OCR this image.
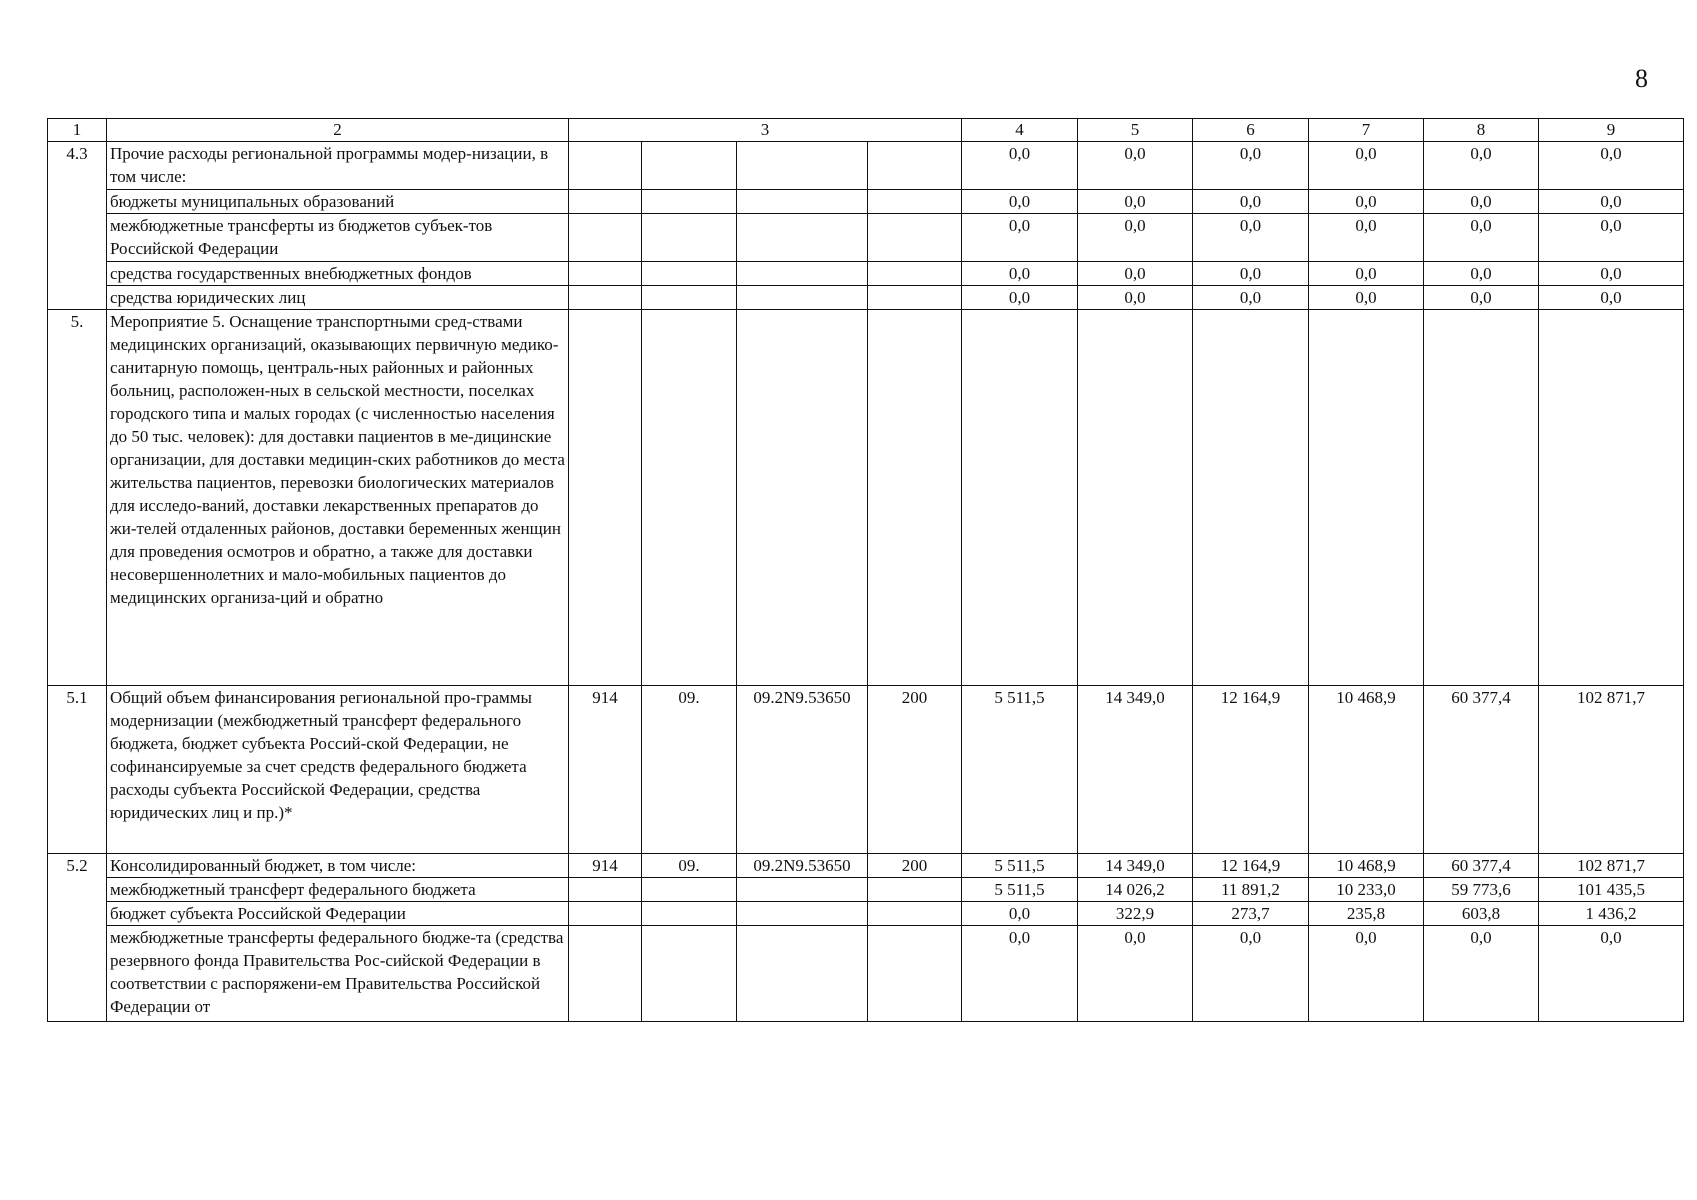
8
1	2	3				4	5	6	7	8	9
4.3	Прочие расходы региональной программы модер-низации, в том числе:					0,0	0,0	0,0	0,0	0,0	0,0
	бюджеты муниципальных образований					0,0	0,0	0,0	0,0	0,0	0,0
	межбюджетные трансферты из бюджетов субъек-тов Российской Федерации					0,0	0,0	0,0	0,0	0,0	0,0
	средства государственных внебюджетных фондов					0,0	0,0	0,0	0,0	0,0	0,0
	средства юридических лиц					0,0	0,0	0,0	0,0	0,0	0,0
5.	Мероприятие 5. Оснащение транспортными сред-ствами медицинских организаций, оказывающих первичную медико-санитарную помощь, централь-ных районных и районных больниц, расположен-ных в сельской местности, поселках городского типа и малых городах (с численностью населения до 50 тыс. человек): для доставки пациентов в ме-дицинские организации, для доставки медицин-ских работников до места жительства пациентов, перевозки биологических материалов для исследо-ваний, доставки лекарственных препаратов до жи-телей отдаленных районов, доставки беременных женщин для проведения осмотров и обратно, а также для доставки несовершеннолетних и мало-мобильных пациентов до медицинских организа-ций и обратно										
5.1	Общий объем финансирования региональной про-граммы модернизации (межбюджетный трансферт федерального бюджета, бюджет субъекта Россий-ской Федерации, не софинансируемые за счет средств федерального бюджета расходы субъекта Российской Федерации, средства юридических лиц и пр.)*	914	09.	09.2N9.53650	200	5 511,5	14 349,0	12 164,9	10 468,9	60 377,4	102 871,7
5.2	Консолидированный бюджет, в том числе:	914	09.	09.2N9.53650	200	5 511,5	14 349,0	12 164,9	10 468,9	60 377,4	102 871,7
	межбюджетный трансферт федерального бюджета					5 511,5	14 026,2	11 891,2	10 233,0	59 773,6	101 435,5
	бюджет субъекта Российской Федерации					0,0	322,9	273,7	235,8	603,8	1 436,2
	межбюджетные трансферты федерального бюдже-та (средства резервного фонда Правительства Рос-сийской Федерации в соответствии с распоряжени-ем Правительства Российской Федерации от					0,0	0,0	0,0	0,0	0,0	0,0
